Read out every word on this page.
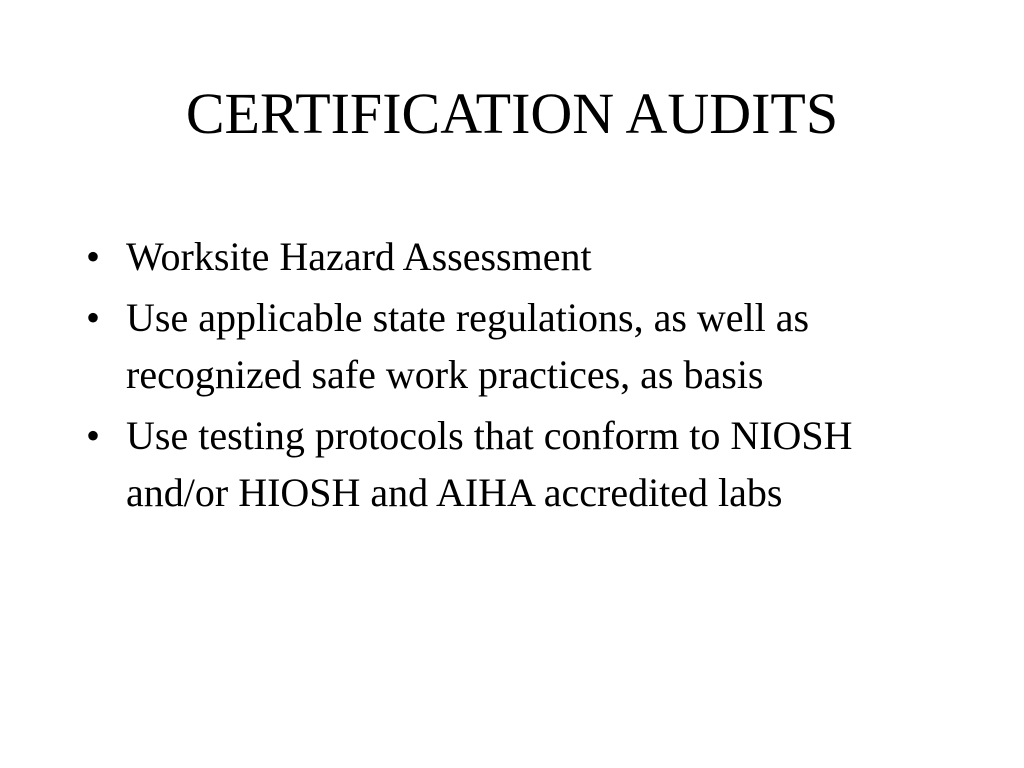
CERTIFICATION AUDITS
• Worksite Hazard Assessment
• Use applicable state regulations, as well as recognized safe work practices, as basis
• Use testing protocols that conform to NIOSH and/or HIOSH and AIHA accredited labs
